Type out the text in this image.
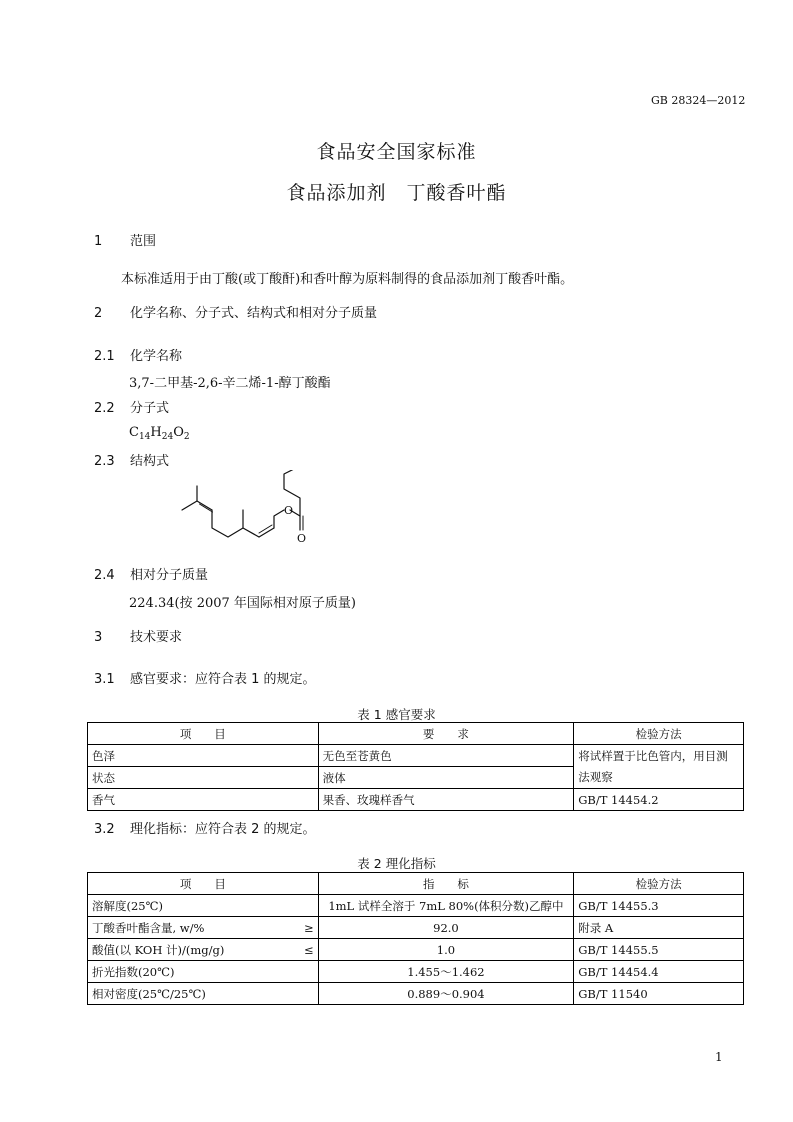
GB 28324—2012
食品安全国家标准
食品添加剂　丁酸香叶酯
1 范围
本标准适用于由丁酸(或丁酸酐)和香叶醇为原料制得的食品添加剂丁酸香叶酯。
2 化学名称、分子式、结构式和相对分子质量
2.1 化学名称
3,7-二甲基-2,6-辛二烯-1-醇丁酸酯
2.2 分子式
$C_{14}H_{24}O_2$
2.3 结构式
O
O
2.4 相对分子质量
224.34(按 2007 年国际相对原子质量)
3 技术要求
3.1 感官要求：应符合表 1 的规定。
表 1 感官要求
项　　目	要　　求	检验方法
色泽	无色至苍黄色	将试样置于比色管内，用目测法观察
状态	液体	
香气	果香、玫瑰样香气	GB/T 14454.2
3.2 理化指标：应符合表 2 的规定。
表 2 理化指标
项　　目	指　　标	检验方法
溶解度(25℃)	1mL 试样全溶于 7mL 80%(体积分数)乙醇中	GB/T 14455.3
丁酸香叶酯含量, w/% ≥	92.0	附录 A
酸值(以 KOH 计)/(mg/g) ≤	1.0	GB/T 14455.5
折光指数(20℃)	1.455～1.462	GB/T 14454.4
相对密度(25℃/25℃)	0.889～0.904	GB/T 11540
1
